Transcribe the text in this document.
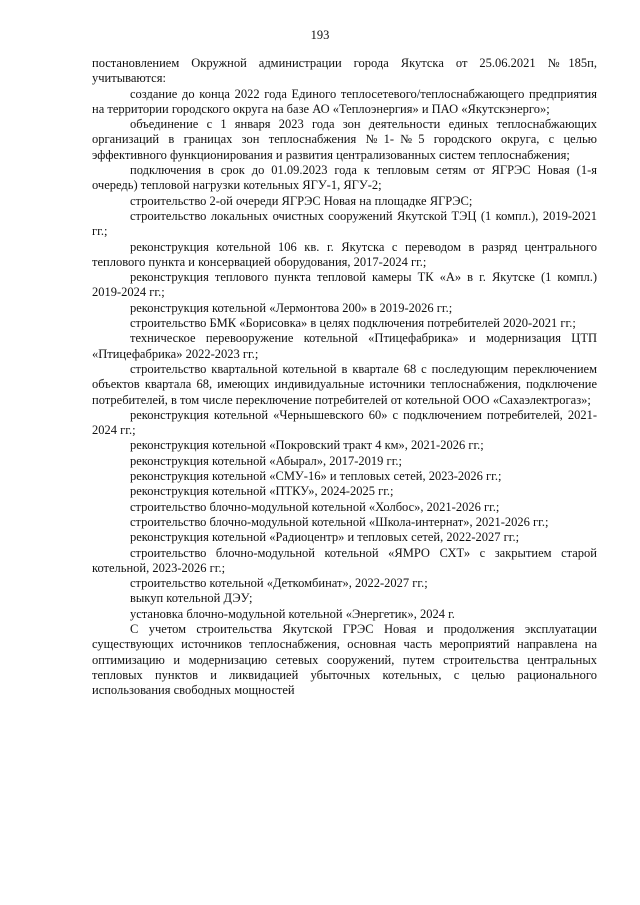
193

постановлением Окружной администрации города Якутска от 25.06.2021 №185п, учитываются:

создание до конца 2022 года Единого теплосетевого/теплоснабжающего предприятия на территории городского округа на базе АО «Теплоэнергия» и ПАО «Якутскэнерго»;

объединение с 1 января 2023 года зон деятельности единых теплоснабжающих организаций в границах зон теплоснабжения №1-№5 городского округа, с целью эффективного функционирования и развития централизованных систем теплоснабжения;

подключения в срок до 01.09.2023 года к тепловым сетям от ЯГРЭС Новая (1-я очередь) тепловой нагрузки котельных ЯГУ-1, ЯГУ-2;

строительство 2-ой очереди ЯГРЭС Новая на площадке ЯГРЭС;

строительство локальных очистных сооружений Якутской ТЭЦ (1 компл.), 2019-2021 гг.;

реконструкция котельной 106 кв. г. Якутска с переводом в разряд центрального теплового пункта и консервацией оборудования, 2017-2024 гг.;

реконструкция теплового пункта тепловой камеры ТК «А» в г. Якутске (1 компл.) 2019-2024 гг.;

реконструкция котельной «Лермонтова 200» в 2019-2026 гг.;

строительство БМК «Борисовка» в целях подключения потребителей 2020-2021 гг.;

техническое перевооружение котельной «Птицефабрика» и модернизация ЦТП «Птицефабрика» 2022-2023 гг.;

строительство квартальной котельной в квартале 68 с последующим переключением объектов квартала 68, имеющих индивидуальные источники теплоснабжения, подключение потребителей, в том числе переключение потребителей от котельной ООО «Сахаэлектрогаз»;

реконструкция котельной «Чернышевского 60» с подключением потребителей, 2021-2024 гг.;

реконструкция котельной «Покровский тракт 4 км», 2021-2026 гг.;

реконструкция котельной «Абырал», 2017-2019 гг.;

реконструкция котельной «СМУ-16» и тепловых сетей, 2023-2026 гг.;

реконструкция котельной «ПТКУ», 2024-2025 гг.;

строительство блочно-модульной котельной «Холбос», 2021-2026 гг.;

строительство блочно-модульной котельной «Школа-интернат», 2021-2026 гг.;

реконструкция котельной «Радиоцентр» и тепловых сетей, 2022-2027 гг.;

строительство блочно-модульной котельной «ЯМРО СХТ» с закрытием старой котельной, 2023-2026 гг.;

строительство котельной «Деткомбинат», 2022-2027 гг.;

выкуп котельной ДЭУ;

установка блочно-модульной котельной «Энергетик», 2024 г.

С учетом строительства Якутской ГРЭС Новая и продолжения эксплуатации существующих источников теплоснабжения, основная часть мероприятий направлена на оптимизацию и модернизацию сетевых сооружений, путем строительства центральных тепловых пунктов и ликвидацией убыточных котельных, с целью рационального использования свободных мощностей
